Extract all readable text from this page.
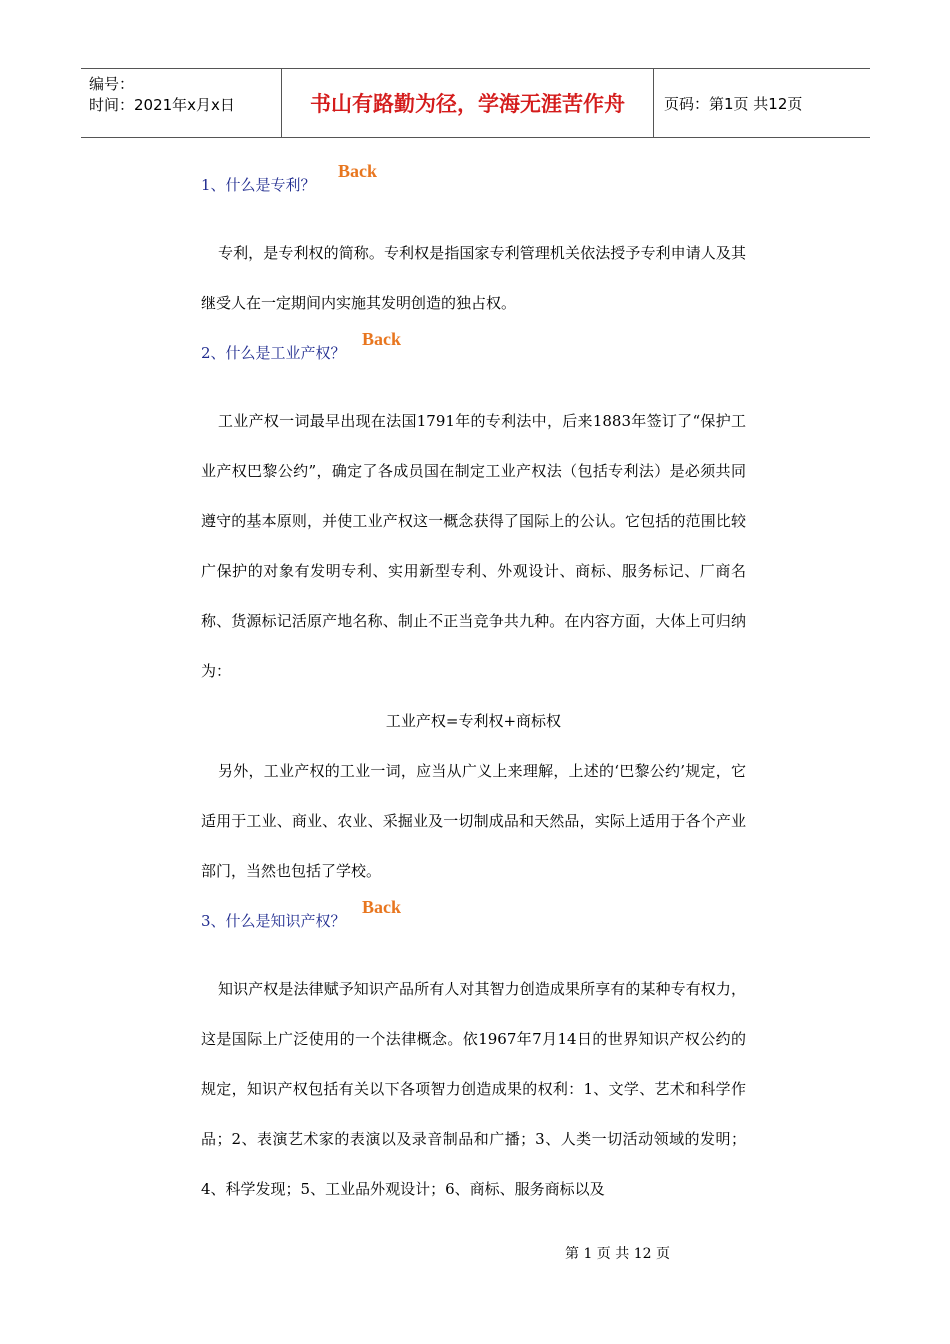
编号：
时间：2021年x月x日	书山有路勤为径，学海无涯苦作舟	页码：第1页 共12页
1、什么是专利？
Back

专利，是专利权的简称。专利权是指国家专利管理机关依法授予专利申请人及其继受人在一定期间内实施其发明创造的独占权。

2、什么是工业产权？
Back

工业产权一词最早出现在法国1791年的专利法中，后来1883年签订了“保护工业产权巴黎公约”，确定了各成员国在制定工业产权法（包括专利法）是必须共同遵守的基本原则，并使工业产权这一概念获得了国际上的公认。它包括的范围比较广保护的对象有发明专利、实用新型专利、外观设计、商标、服务标记、厂商名称、货源标记活原产地名称、制止不正当竞争共九种。在内容方面，大体上可归纳为：

工业产权=专利权+商标权

另外，工业产权的工业一词，应当从广义上来理解，上述的‘巴黎公约’规定，它适用于工业、商业、农业、采掘业及一切制成品和天然品，实际上适用于各个产业部门，当然也包括了学校。

3、什么是知识产权？
Back

知识产权是法律赋予知识产品所有人对其智力创造成果所享有的某种专有权力，这是国际上广泛使用的一个法律概念。依1967年7月14日的世界知识产权公约的规定，知识产权包括有关以下各项智力创造成果的权利：1、文学、艺术和科学作品；2、表演艺术家的表演以及录音制品和广播；3、人类一切活动领域的发明；4、科学发现；5、工业品外观设计；6、商标、服务商标以及

第 1 页 共 12 页
